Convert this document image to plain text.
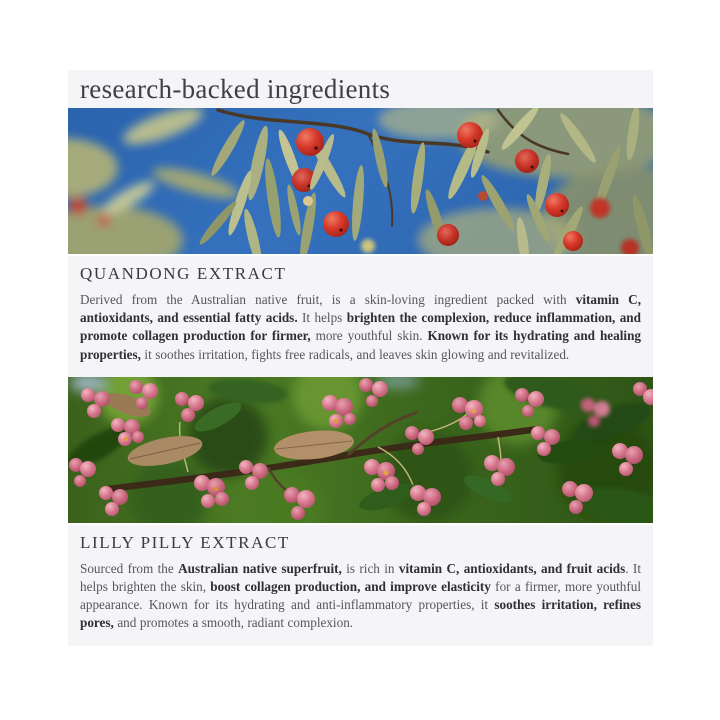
research-backed ingredients
QUANDONG EXTRACT

Derived from the Australian native fruit, is a skin-loving ingredient packed with vitamin C, antioxidants, and essential fatty acids. It helps brighten the complexion, reduce inflammation, and promote collagen production for firmer, more youthful skin. Known for its hydrating and healing properties, it soothes irritation, fights free radicals, and leaves skin glowing and revitalized.

LILLY PILLY EXTRACT

Sourced from the Australian native superfruit, is rich in vitamin C, antioxidants, and fruit acids. It helps brighten the skin, boost collagen production, and improve elasticity for a firmer, more youthful appearance. Known for its hydrating and anti-inflammatory properties, it soothes irritation, refines pores, and promotes a smooth, radiant complexion.
